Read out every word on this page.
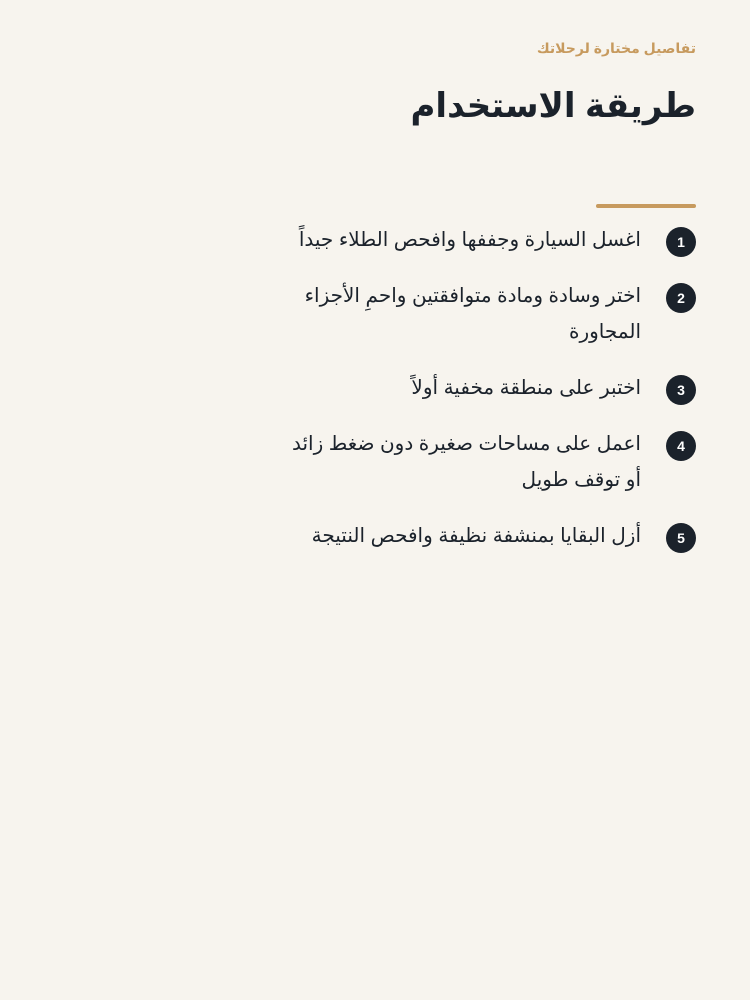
تفاصيل مختارة لرحلاتك
طريقة الاستخدام
1
اغسل السيارة وجففها وافحص الطلاء جيداً
2
اختر وسادة ومادة متوافقتين واحمِ الأجزاء المجاورة
3
اختبر على منطقة مخفية أولاً
4
اعمل على مساحات صغيرة دون ضغط زائد أو توقف طويل
5
أزل البقايا بمنشفة نظيفة وافحص النتيجة
